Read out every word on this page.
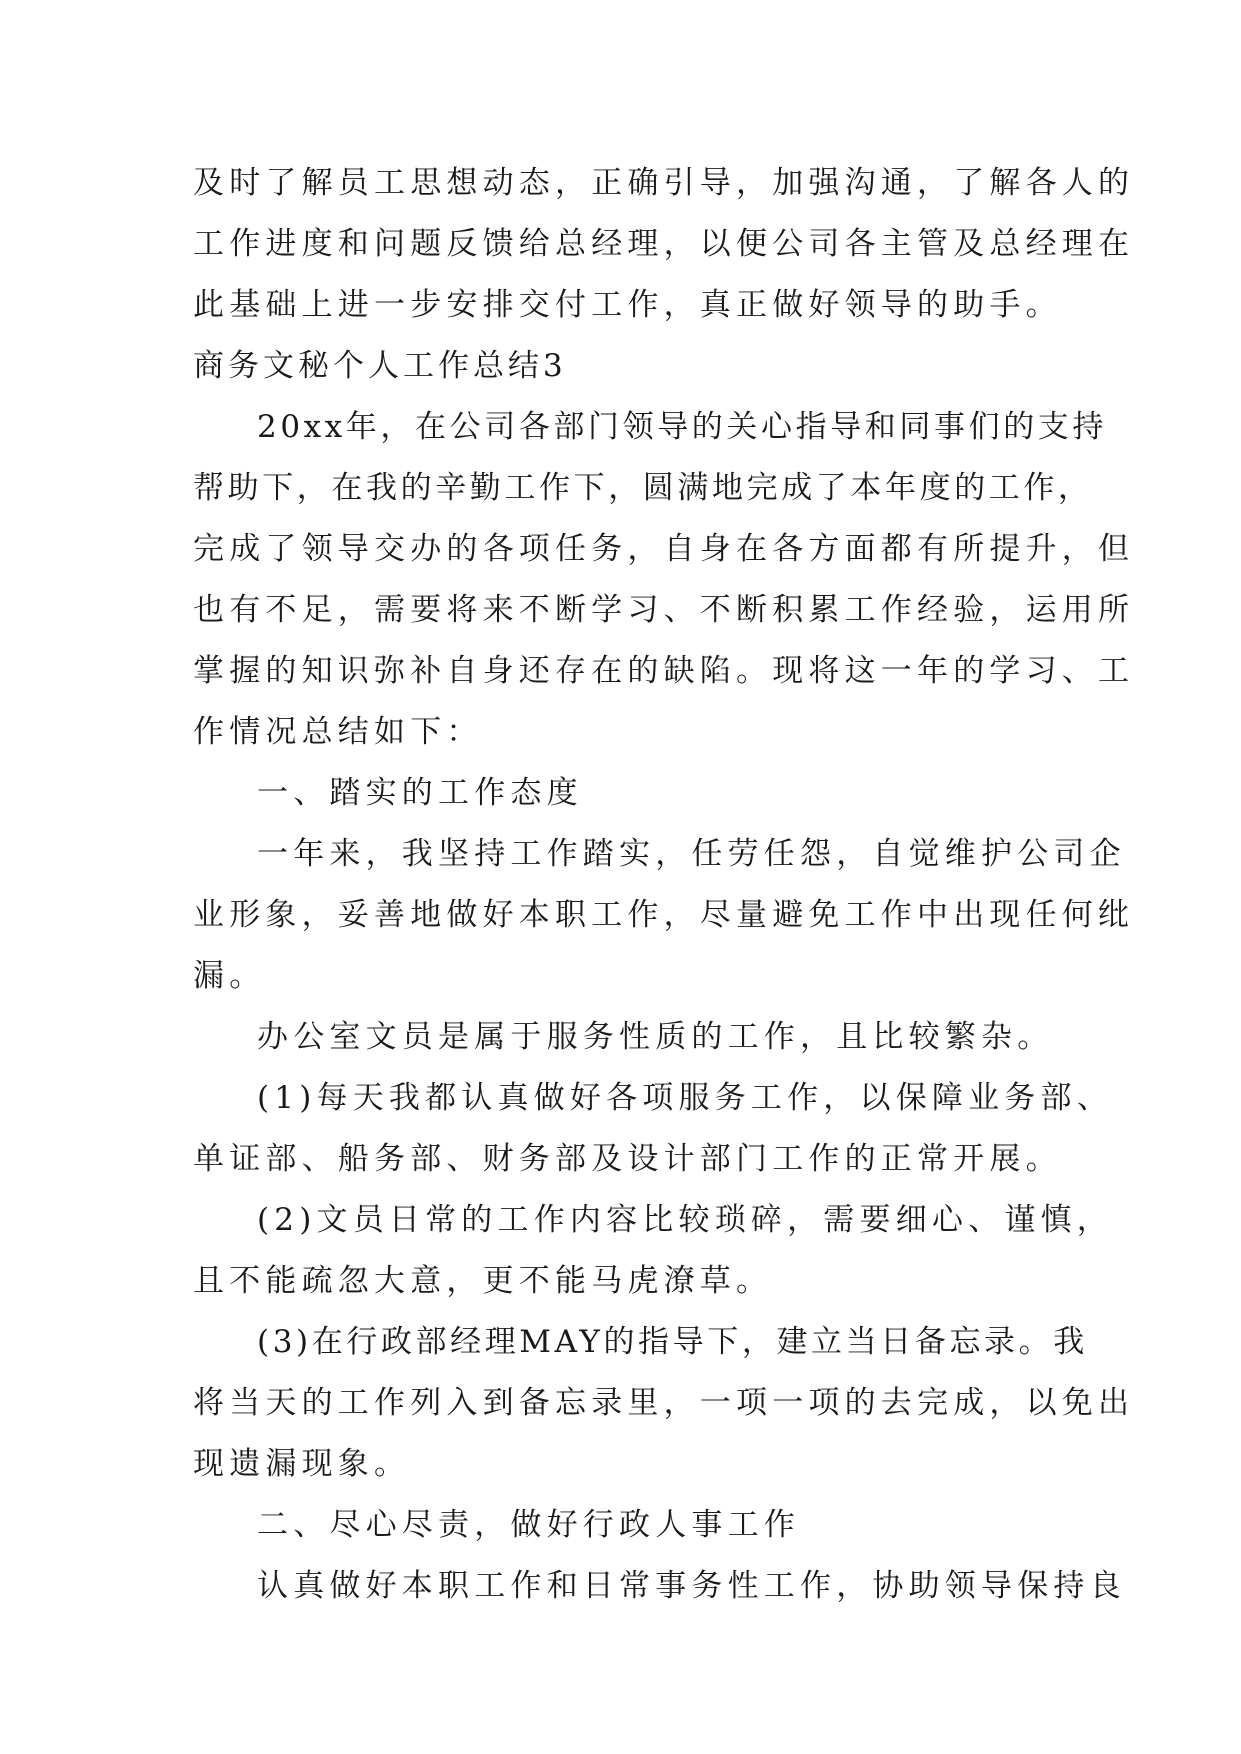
及时了解员工思想动态，正确引导，加强沟通，了解各人的

工作进度和问题反馈给总经理，以便公司各主管及总经理在

此基础上进一步安排交付工作，真正做好领导的助手。

商务文秘个人工作总结3

20xx年，在公司各部门领导的关心指导和同事们的支持

帮助下，在我的辛勤工作下，圆满地完成了本年度的工作，

完成了领导交办的各项任务，自身在各方面都有所提升，但

也有不足，需要将来不断学习、不断积累工作经验，运用所

掌握的知识弥补自身还存在的缺陷。现将这一年的学习、工

作情况总结如下：

一、踏实的工作态度

一年来，我坚持工作踏实，任劳任怨，自觉维护公司企

业形象，妥善地做好本职工作，尽量避免工作中出现任何纰

漏。

办公室文员是属于服务性质的工作，且比较繁杂。

(1)每天我都认真做好各项服务工作，以保障业务部、

单证部、船务部、财务部及设计部门工作的正常开展。

(2)文员日常的工作内容比较琐碎，需要细心、谨慎，

且不能疏忽大意，更不能马虎潦草。

(3)在行政部经理MAY的指导下，建立当日备忘录。我

将当天的工作列入到备忘录里，一项一项的去完成，以免出

现遗漏现象。

二、尽心尽责，做好行政人事工作

认真做好本职工作和日常事务性工作，协助领导保持良
